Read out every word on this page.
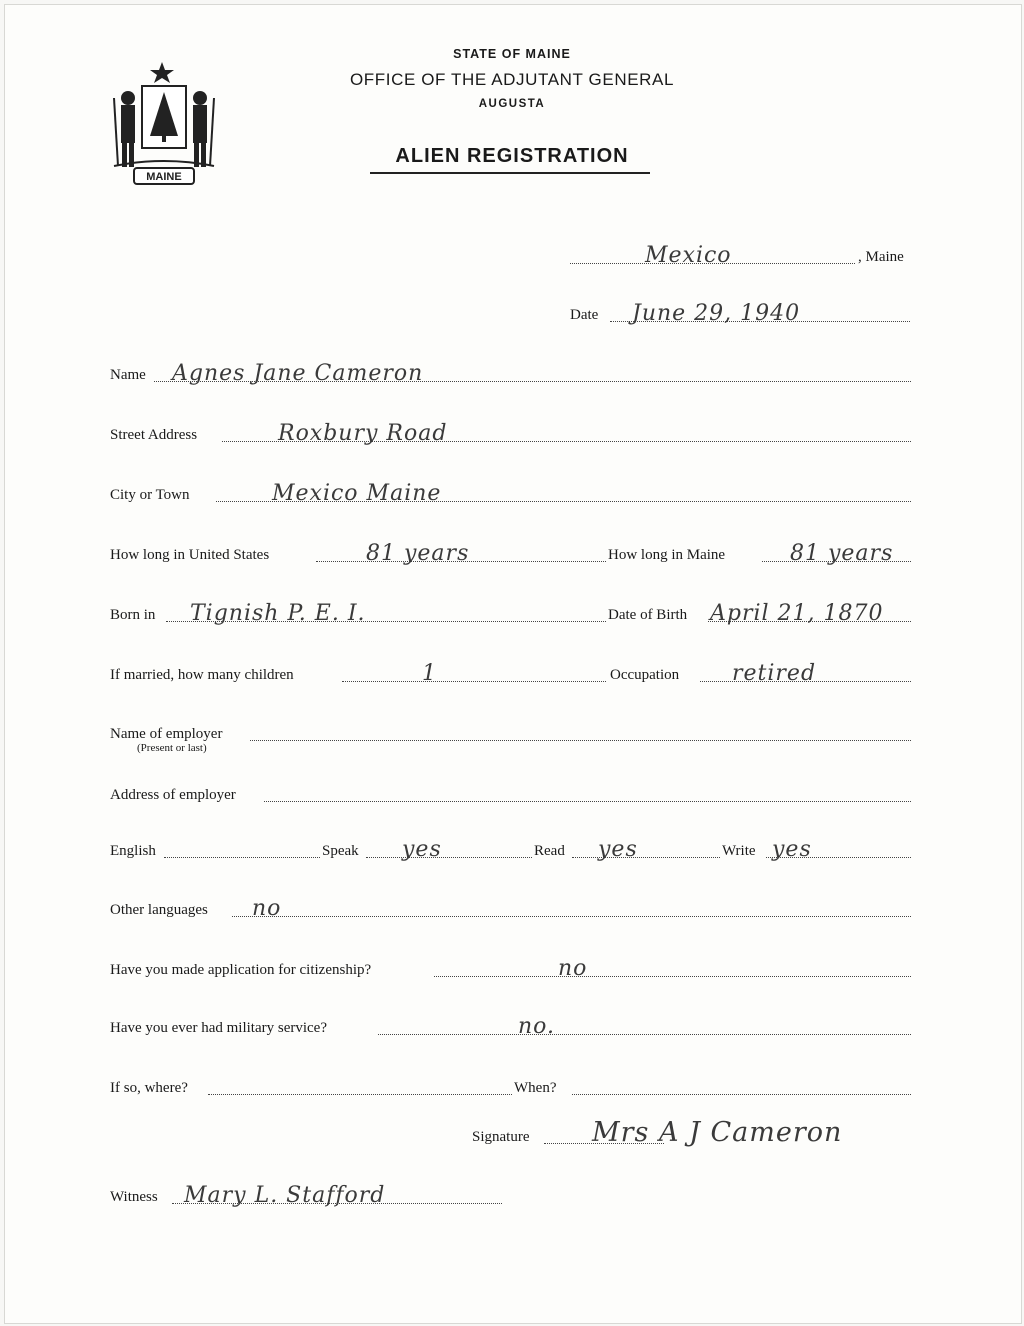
MAINE
STATE OF MAINE
OFFICE OF THE ADJUTANT GENERAL
AUGUSTA
ALIEN REGISTRATION
Mexico	, Maine
Date June 29, 1940
Name Agnes Jane Cameron
Street Address	Roxbury Road
City or Town	Mexico Maine
How long in United States	81 years	How long in Maine	81 years
Born in Tignish P. E. I.	Date of Birth April 21, 1870
If married, how many children	1	Occupation retired
Name of employer
(Present or last)
Address of employer
English	Speak yes	Read yes	Write yes
Other languages no
Have you made application for citizenship?	no
Have you ever had military service?	no.
If so, where?	When?
Signature Mrs A J Cameron
Witness Mary L. Stafford
